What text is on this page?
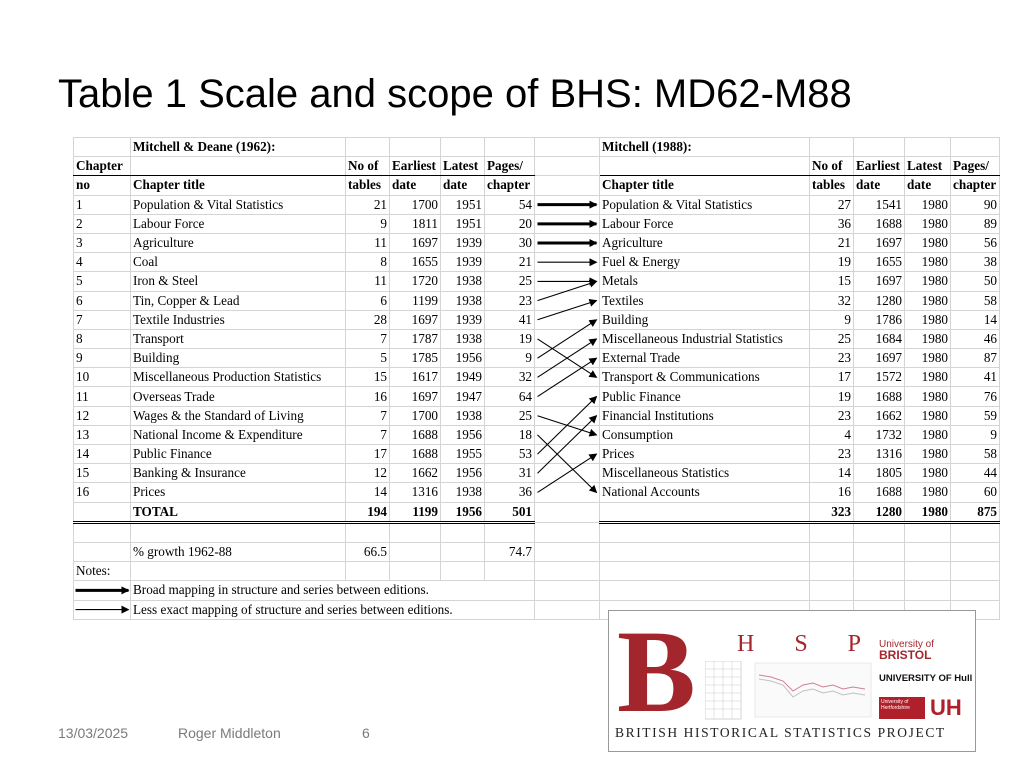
Table 1 Scale and scope of BHS: MD62-M88
	Mitchell & Deane (1962):						Mitchell (1988):				
Chapter		No of	Earliest	Latest	Pages/			No of	Earliest	Latest	Pages/
no	Chapter title	tables	date	date	chapter		Chapter title	tables	date	date	chapter
1	Population & Vital Statistics	21	1700	1951	54		Population & Vital Statistics	27	1541	1980	90
2	Labour Force	9	1811	1951	20		Labour Force	36	1688	1980	89
3	Agriculture	11	1697	1939	30		Agriculture	21	1697	1980	56
4	Coal	8	1655	1939	21		Fuel & Energy	19	1655	1980	38
5	Iron & Steel	11	1720	1938	25		Metals	15	1697	1980	50
6	Tin, Copper & Lead	6	1199	1938	23		Textiles	32	1280	1980	58
7	Textile Industries	28	1697	1939	41		Building	9	1786	1980	14
8	Transport	7	1787	1938	19		Miscellaneous Industrial Statistics	25	1684	1980	46
9	Building	5	1785	1956	9		External Trade	23	1697	1980	87
10	Miscellaneous Production Statistics	15	1617	1949	32		Transport & Communications	17	1572	1980	41
11	Overseas Trade	16	1697	1947	64		Public Finance	19	1688	1980	76
12	Wages & the Standard of Living	7	1700	1938	25		Financial Institutions	23	1662	1980	59
13	National Income & Expenditure	7	1688	1956	18		Consumption	4	1732	1980	9
14	Public Finance	17	1688	1955	53		Prices	23	1316	1980	58
15	Banking & Insurance	12	1662	1956	31		Miscellaneous Statistics	14	1805	1980	44
16	Prices	14	1316	1938	36		National Accounts	16	1688	1980	60
	TOTAL	194	1199	1956	501			323	1280	1980	875

	% growth 1962-88	66.5			74.7						
Notes:											
	Broad mapping in structure and series between editions.										
	Less exact mapping of structure and series between editions.										
13/03/2025	Roger Middleton	6 B H S P University of
BRISTOL
UNIVERSITY OF Hull
University of Hertfordshire UH
BRITISH HISTORICAL STATISTICS PROJECT
